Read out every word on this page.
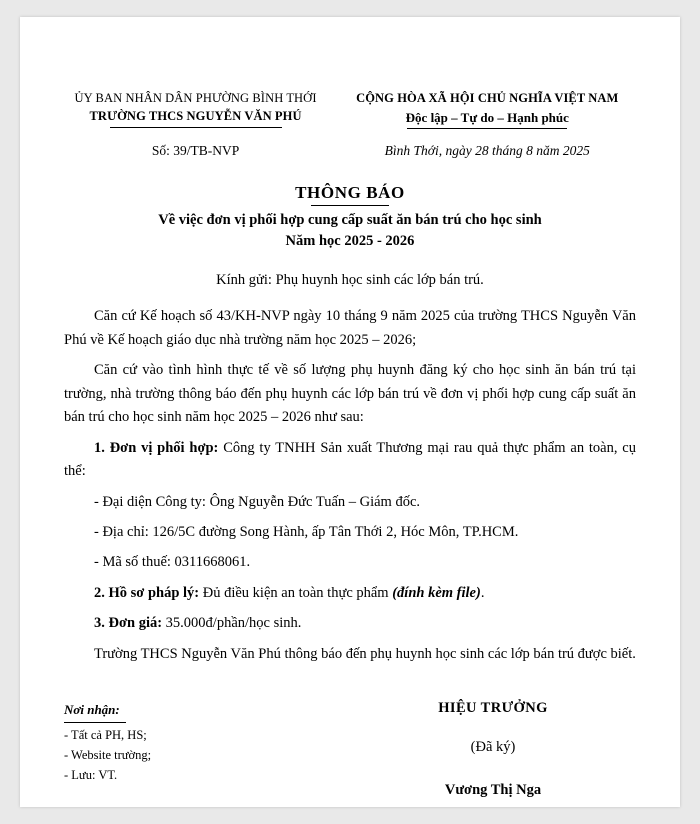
ỦY BAN NHÂN DÂN PHƯỜNG BÌNH THỚI
TRƯỜNG THCS NGUYỄN VĂN PHÚ
CỘNG HÒA XÃ HỘI CHỦ NGHĨA VIỆT NAM
Độc lập – Tự do – Hạnh phúc
Số: 39/TB-NVP	Bình Thới, ngày 28 tháng 8 năm 2025
THÔNG BÁO
Về việc đơn vị phối hợp cung cấp suất ăn bán trú cho học sinh
Năm học 2025 - 2026
Kính gửi: Phụ huynh học sinh các lớp bán trú.
Căn cứ Kế hoạch số 43/KH-NVP ngày 10 tháng 9 năm 2025 của trường THCS Nguyễn Văn Phú về Kế hoạch giáo dục nhà trường năm học 2025 – 2026;
Căn cứ vào tình hình thực tế về số lượng phụ huynh đăng ký cho học sinh ăn bán trú tại trường, nhà trường thông báo đến phụ huynh các lớp bán trú về đơn vị phối hợp cung cấp suất ăn bán trú cho học sinh năm học 2025 – 2026 như sau:
1. Đơn vị phối hợp: Công ty TNHH Sản xuất Thương mại rau quả thực phẩm an toàn, cụ thể:
- Đại diện Công ty: Ông Nguyễn Đức Tuấn – Giám đốc.
- Địa chỉ: 126/5C đường Song Hành, ấp Tân Thới 2, Hóc Môn, TP.HCM.
- Mã số thuế: 0311668061.
2. Hồ sơ pháp lý: Đủ điều kiện an toàn thực phẩm (đính kèm file).
3. Đơn giá: 35.000đ/phần/học sinh.
Trường THCS Nguyễn Văn Phú thông báo đến phụ huynh học sinh các lớp bán trú được biết.
Nơi nhận:
- Tất cả PH, HS;
- Website trường;
- Lưu: VT.
HIỆU TRƯỞNG
(Đã ký)
Vương Thị Nga
